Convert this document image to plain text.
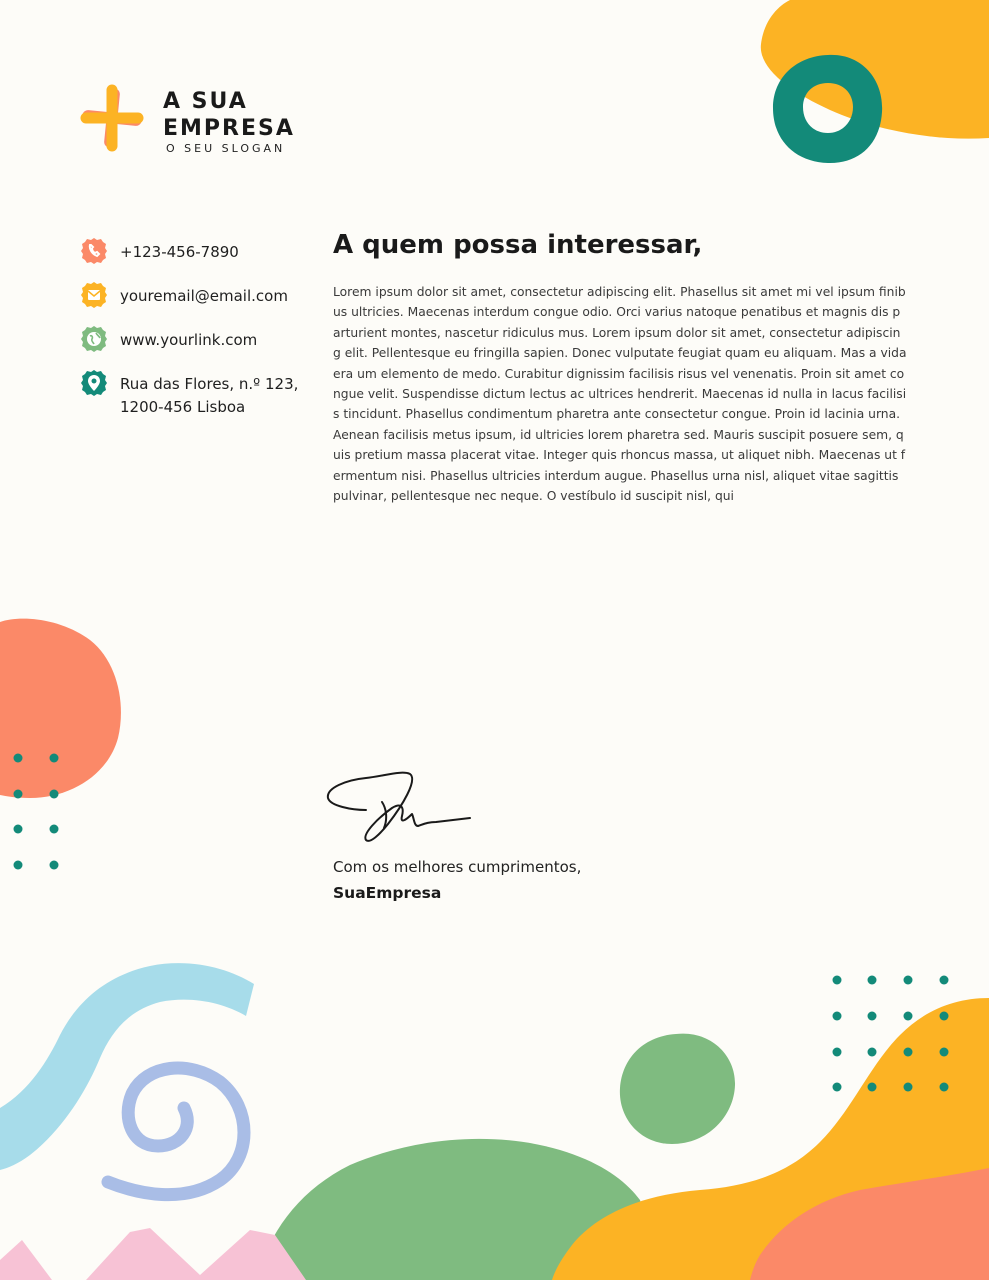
A SUA
EMPRESA
O SEU SLOGAN
+123-456-7890
youremail@email.com
www.yourlink.com
Rua das Flores, n.º 123,
1200-456 Lisboa
A quem possa interessar,

Lorem ipsum dolor sit amet, consectetur adipiscing elit. Phasellus sit amet mi vel ipsum finibus ultricies. Maecenas interdum congue odio. Orci varius natoque penatibus et magnis dis parturient montes, nascetur ridiculus mus. Lorem ipsum dolor sit amet, consectetur adipiscing elit. Pellentesque eu fringilla sapien. Donec vulputate feugiat quam eu aliquam. Mas a vida era um elemento de medo. Curabitur dignissim facilisis risus vel venenatis. Proin sit amet congue velit. Suspendisse dictum lectus ac ultrices hendrerit. Maecenas id nulla in lacus facilisis tincidunt. Phasellus condimentum pharetra ante consectetur congue. Proin id lacinia urna. Aenean facilisis metus ipsum, id ultricies lorem pharetra sed. Mauris suscipit posuere sem, quis pretium massa placerat vitae. Integer quis rhoncus massa, ut aliquet nibh. Maecenas ut fermentum nisi. Phasellus ultricies interdum augue. Phasellus urna nisl, aliquet vitae sagittis pulvinar, pellentesque nec neque. O vestíbulo id suscipit nisl, qui

Com os melhores cumprimentos,
SuaEmpresa
